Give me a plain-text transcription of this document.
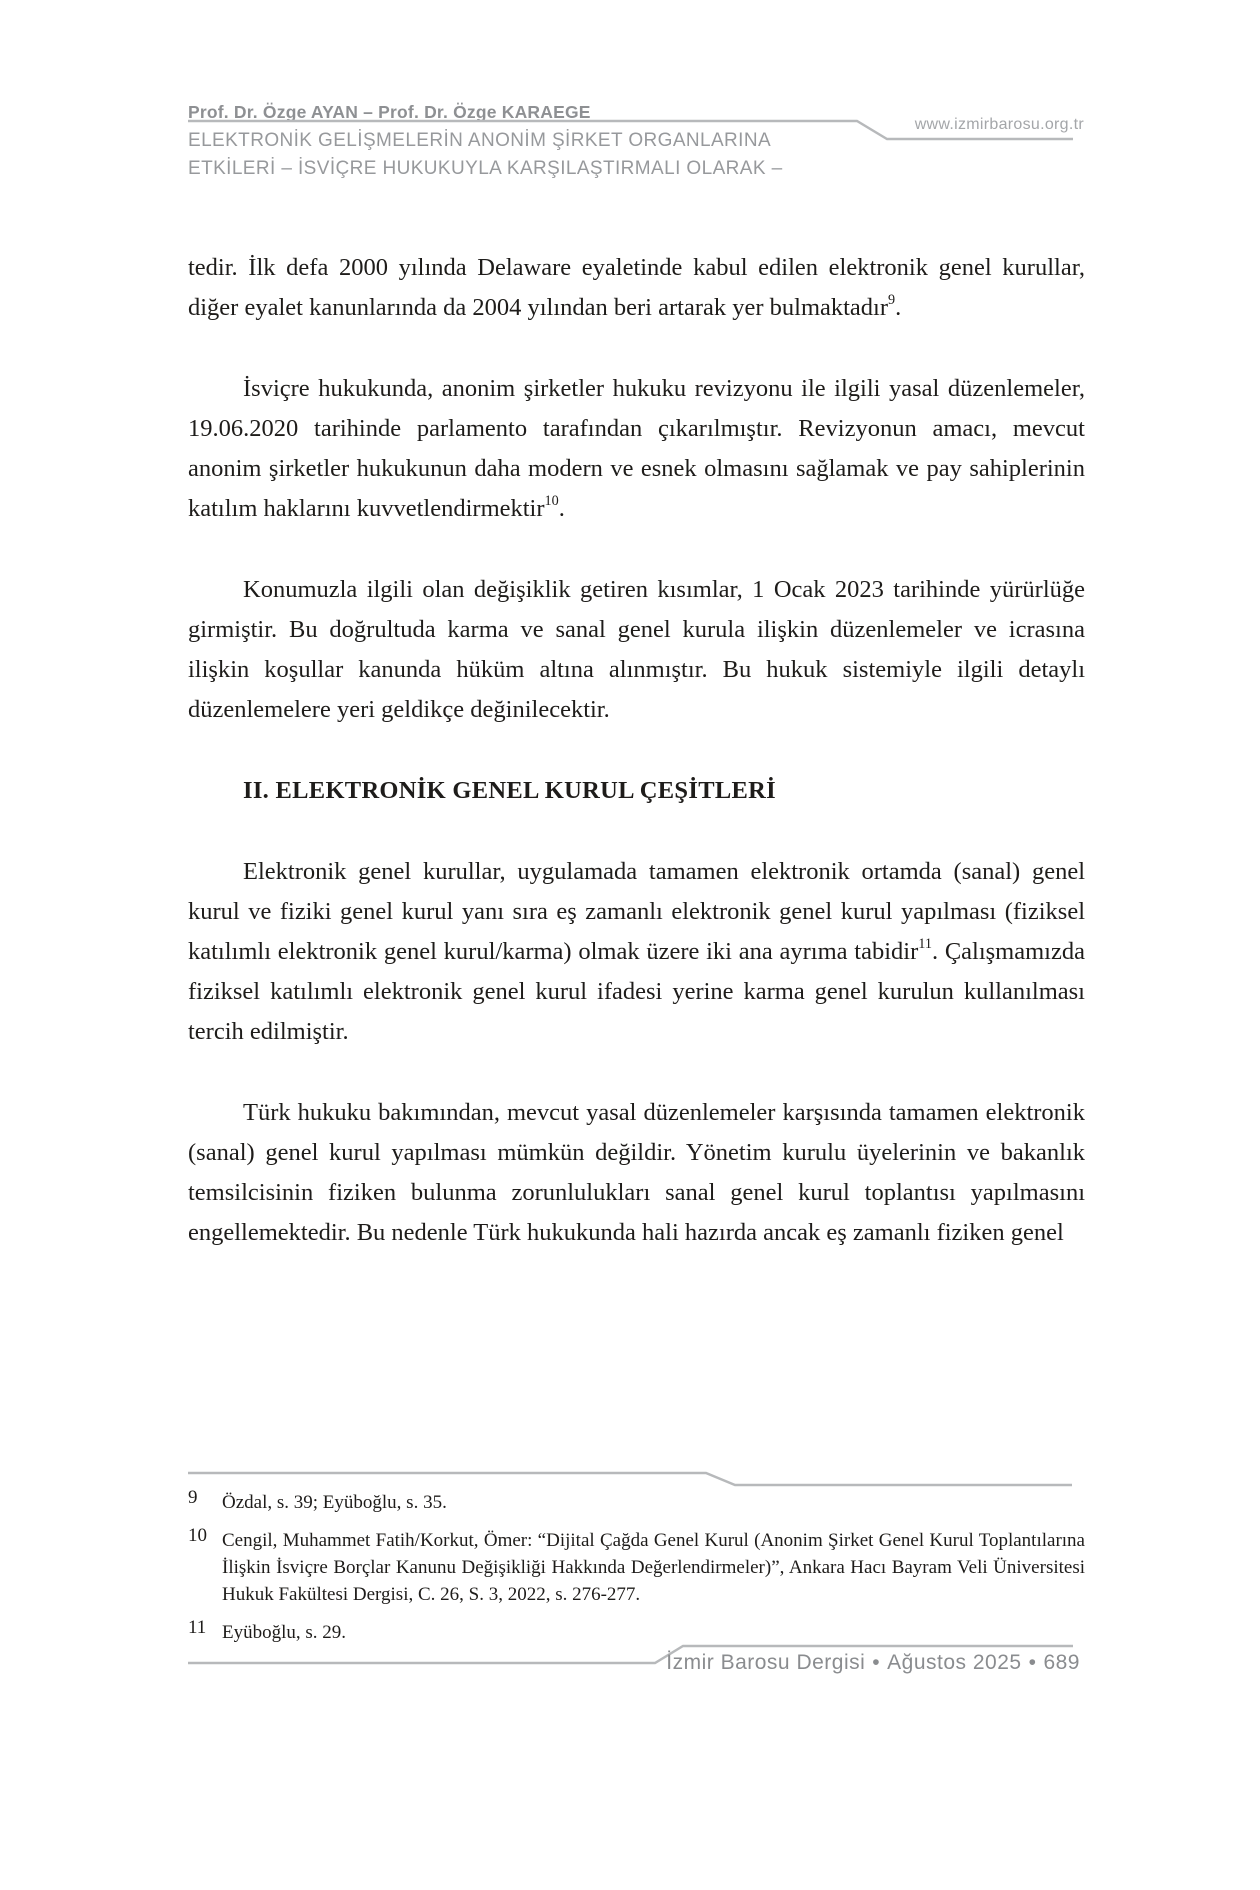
Prof. Dr. Özge AYAN – Prof. Dr. Özge KARAEGE
www.izmirbarosu.org.tr
ELEKTRONİK GELİŞMELERİN ANONİM ŞİRKET ORGANLARINA
ETKİLERİ – İSVİÇRE HUKUKUYLA KARŞILAŞTIRMALI OLARAK –

tedir. İlk defa 2000 yılında Delaware eyaletinde kabul edilen elektronik genel kurullar, diğer eyalet kanunlarında da 2004 yılından beri artarak yer bulmaktadır$^9$.

İsviçre hukukunda, anonim şirketler hukuku revizyonu ile ilgili yasal düzenlemeler, 19.06.2020 tarihinde parlamento tarafından çıkarılmıştır. Revizyonun amacı, mevcut anonim şirketler hukukunun daha modern ve esnek olmasını sağlamak ve pay sahiplerinin katılım haklarını kuvvetlendirmektir$^{10}$.

Konumuzla ilgili olan değişiklik getiren kısımlar, 1 Ocak 2023 tarihinde yürürlüğe girmiştir. Bu doğrultuda karma ve sanal genel kurula ilişkin düzenlemeler ve icrasına ilişkin koşullar kanunda hüküm altına alınmıştır. Bu hukuk sistemiyle ilgili detaylı düzenlemelere yeri geldikçe değinilecektir.

II. ELEKTRONİK GENEL KURUL ÇEŞİTLERİ

Elektronik genel kurullar, uygulamada tamamen elektronik ortamda (sanal) genel kurul ve fiziki genel kurul yanı sıra eş zamanlı elektronik genel kurul yapılması (fiziksel katılımlı elektronik genel kurul/karma) olmak üzere iki ana ayrıma tabidir$^{11}$. Çalışmamızda fiziksel katılımlı elektronik genel kurul ifadesi yerine karma genel kurulun kullanılması tercih edilmiştir.

Türk hukuku bakımından, mevcut yasal düzenlemeler karşısında tamamen elektronik (sanal) genel kurul yapılması mümkün değildir. Yönetim kurulu üyelerinin ve bakanlık temsilcisinin fiziken bulunma zorunlulukları sanal genel kurul toplantısı yapılmasını engellemektedir. Bu nedenle Türk hukukunda hali hazırda ancak eş zamanlı fiziken genel

9	Özdal, s. 39; Eyüboğlu, s. 35.
10 Cengil, Muhammet Fatih/Korkut, Ömer: “Dijital Çağda Genel Kurul (Anonim Şirket Genel Kurul Toplantılarına İlişkin İsviçre Borçlar Kanunu Değişikliği Hakkında Değerlendirmeler)”, Ankara Hacı Bayram Veli Üniversitesi Hukuk Fakültesi Dergisi, C. 26, S. 3, 2022, s. 276-277.
11 Eyüboğlu, s. 29.
İzmir Barosu Dergisi • Ağustos 2025 • 689
